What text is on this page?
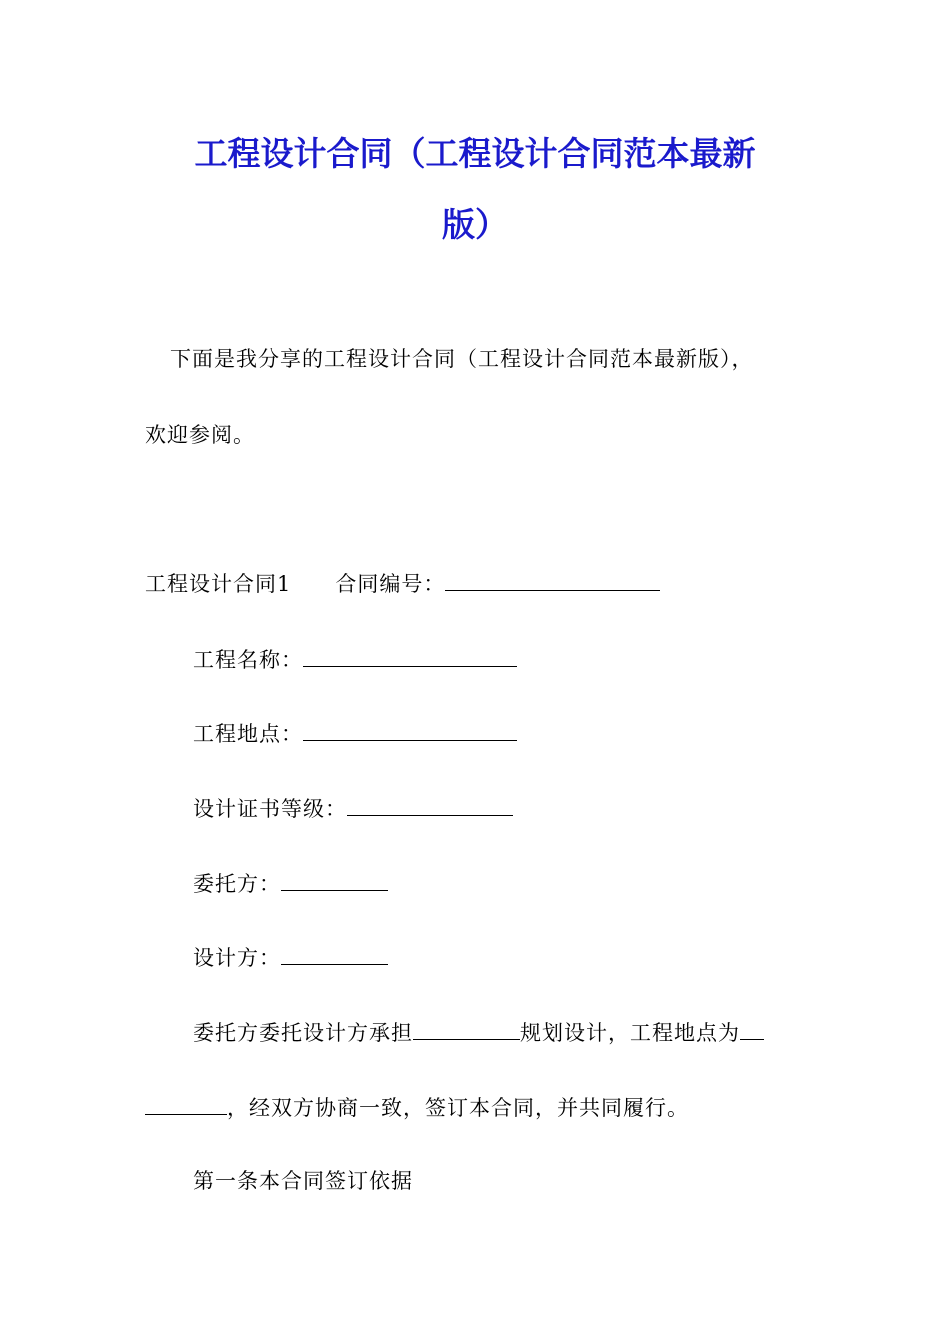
工程设计合同（工程设计合同范本最新
版）
下面是我分享的工程设计合同（工程设计合同范本最新版），
欢迎参阅。
工程设计合同1 合同编号：
工程名称：
工程地点：
设计证书等级：
委托方：
设计方：
委托方委托设计方承担	规划设计，工程地点为
，经双方协商一致，签订本合同，并共同履行。
第一条本合同签订依据
